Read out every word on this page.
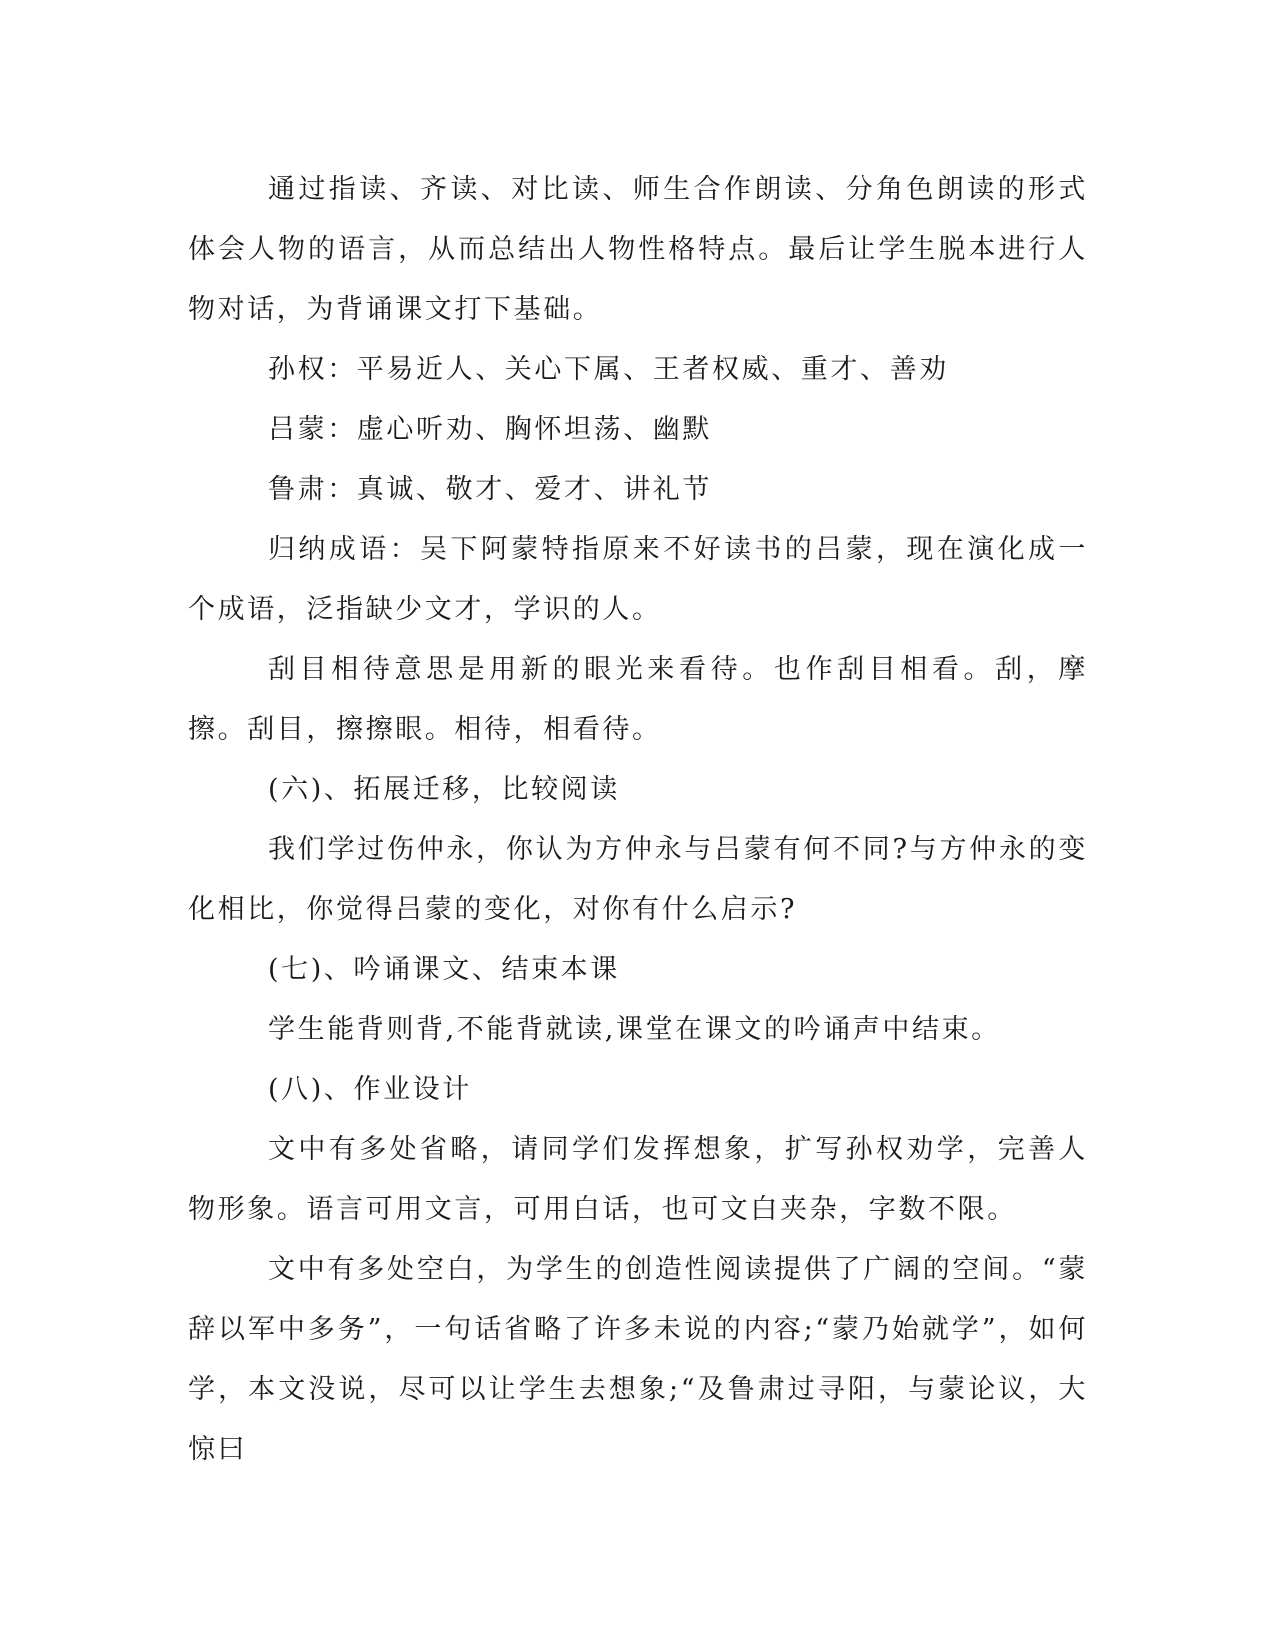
通过指读、齐读、对比读、师生合作朗读、分角色朗读的形式体会人物的语言，从而总结出人物性格特点。最后让学生脱本进行人物对话，为背诵课文打下基础。

孙权：平易近人、关心下属、王者权威、重才、善劝

吕蒙：虚心听劝、胸怀坦荡、幽默

鲁肃：真诚、敬才、爱才、讲礼节

归纳成语：吴下阿蒙特指原来不好读书的吕蒙，现在演化成一个成语，泛指缺少文才，学识的人。

刮目相待意思是用新的眼光来看待。也作刮目相看。刮，摩擦。刮目，擦擦眼。相待，相看待。

(六)、拓展迁移，比较阅读

我们学过伤仲永，你认为方仲永与吕蒙有何不同?与方仲永的变化相比，你觉得吕蒙的变化，对你有什么启示?

(七)、吟诵课文、结束本课

学生能背则背,不能背就读,课堂在课文的吟诵声中结束。

(八)、作业设计

文中有多处省略，请同学们发挥想象，扩写孙权劝学，完善人物形象。语言可用文言，可用白话，也可文白夹杂，字数不限。

文中有多处空白，为学生的创造性阅读提供了广阔的空间。“蒙辞以军中多务”，一句话省略了许多未说的内容;“蒙乃始就学”，如何学，本文没说，尽可以让学生去想象;“及鲁肃过寻阳，与蒙论议，大惊曰
